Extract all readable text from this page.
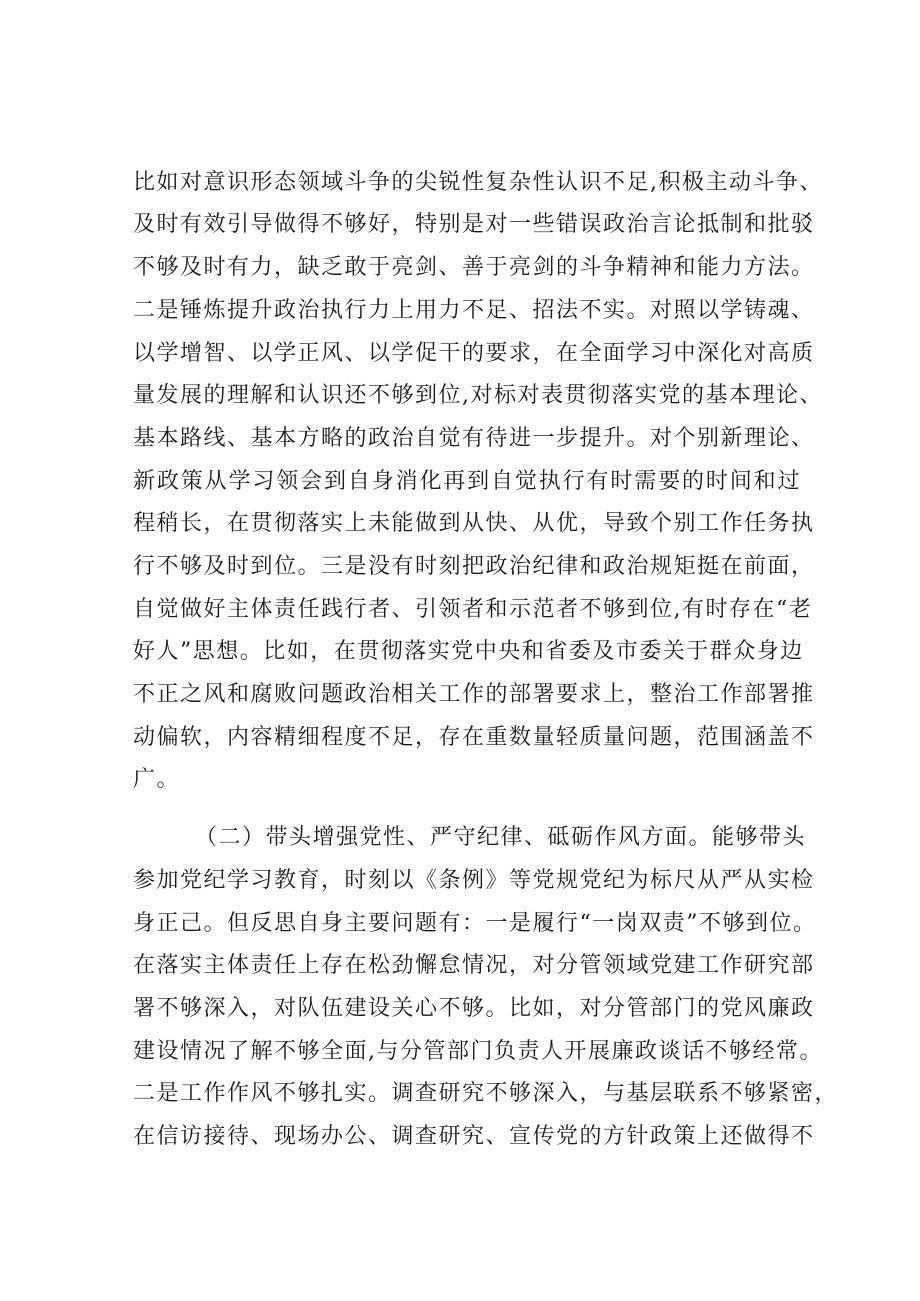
比如对意识形态领域斗争的尖锐性复杂性认识不足,积极主动斗争、
及时有效引导做得不够好，特别是对一些错误政治言论抵制和批驳
不够及时有力，缺乏敢于亮剑、善于亮剑的斗争精神和能力方法。
二是锤炼提升政治执行力上用力不足、招法不实。对照以学铸魂、
以学增智、以学正风、以学促干的要求，在全面学习中深化对高质
量发展的理解和认识还不够到位,对标对表贯彻落实党的基本理论、
基本路线、基本方略的政治自觉有待进一步提升。对个别新理论、
新政策从学习领会到自身消化再到自觉执行有时需要的时间和过
程稍长，在贯彻落实上未能做到从快、从优，导致个别工作任务执
行不够及时到位。三是没有时刻把政治纪律和政治规矩挺在前面，
自觉做好主体责任践行者、引领者和示范者不够到位,有时存在“老
好人”思想。比如，在贯彻落实党中央和省委及市委关于群众身边
不正之风和腐败问题政治相关工作的部署要求上，整治工作部署推
动偏软，内容精细程度不足，存在重数量轻质量问题，范围涵盖不
广。
（二）带头增强党性、严守纪律、砥砺作风方面。能够带头
参加党纪学习教育，时刻以《条例》等党规党纪为标尺从严从实检
身正己。但反思自身主要问题有：一是履行“一岗双责”不够到位。
在落实主体责任上存在松劲懈怠情况，对分管领域党建工作研究部
署不够深入，对队伍建设关心不够。比如，对分管部门的党风廉政
建设情况了解不够全面,与分管部门负责人开展廉政谈话不够经常。
二是工作作风不够扎实。调查研究不够深入，与基层联系不够紧密，
在信访接待、现场办公、调查研究、宣传党的方针政策上还做得不
